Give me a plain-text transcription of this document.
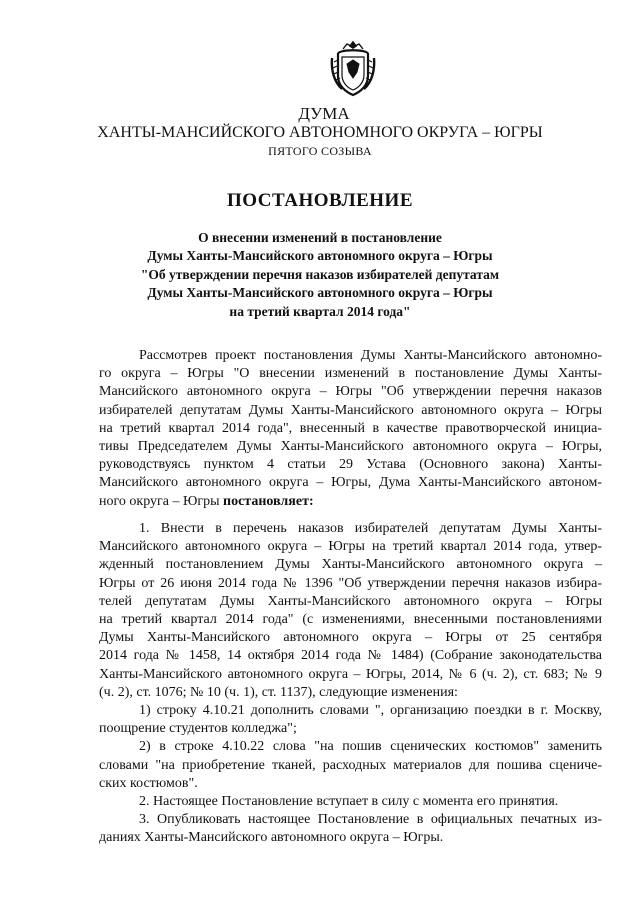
ДУМА
ХАНТЫ-МАНСИЙСКОГО АВТОНОМНОГО ОКРУГА – ЮГРЫ
ПЯТОГО СОЗЫВА
ПОСТАНОВЛЕНИЕ
О внесении изменений в постановление
Думы Ханты-Мансийского автономного округа – Югры
"Об утверждении перечня наказов избирателей депутатам
Думы Ханты-Мансийского автономного округа – Югры
на третий квартал 2014 года"
Рассмотрев проект постановления Думы Ханты-Мансийского автономно-
го округа – Югры "О внесении изменений в постановление Думы Ханты-
Мансийского автономного округа – Югры "Об утверждении перечня наказов
избирателей депутатам Думы Ханты-Мансийского автономного округа – Югры
на третий квартал 2014 года", внесенный в качестве правотворческой инициа-
тивы Председателем Думы Ханты-Мансийского автономного округа – Югры,
руководствуясь пунктом 4 статьи 29 Устава (Основного закона) Ханты-
Мансийского автономного округа – Югры, Дума Ханты-Мансийского автоном-
ного округа – Югры постановляет:
1. Внести в перечень наказов избирателей депутатам Думы Ханты-
Мансийского автономного округа – Югры на третий квартал 2014 года, утвер-
жденный постановлением Думы Ханты-Мансийского автономного округа –
Югры от 26 июня 2014 года № 1396 "Об утверждении перечня наказов избира-
телей депутатам Думы Ханты-Мансийского автономного округа – Югры
на третий квартал 2014 года" (с изменениями, внесенными постановлениями
Думы Ханты-Мансийского автономного округа – Югры от 25 сентября
2014 года № 1458, 14 октября 2014 года № 1484) (Собрание законодательства
Ханты-Мансийского автономного округа – Югры, 2014, № 6 (ч. 2), ст. 683; № 9
(ч. 2), ст. 1076; № 10 (ч. 1), ст. 1137), следующие изменения:
1) строку 4.10.21 дополнить словами ", организацию поездки в г. Москву,
поощрение студентов колледжа";
2) в строке 4.10.22 слова "на пошив сценических костюмов" заменить
словами "на приобретение тканей, расходных материалов для пошива сцениче-
ских костюмов".
2. Настоящее Постановление вступает в силу с момента его принятия.
3. Опубликовать настоящее Постановление в официальных печатных из-
даниях Ханты-Мансийского автономного округа – Югры.
